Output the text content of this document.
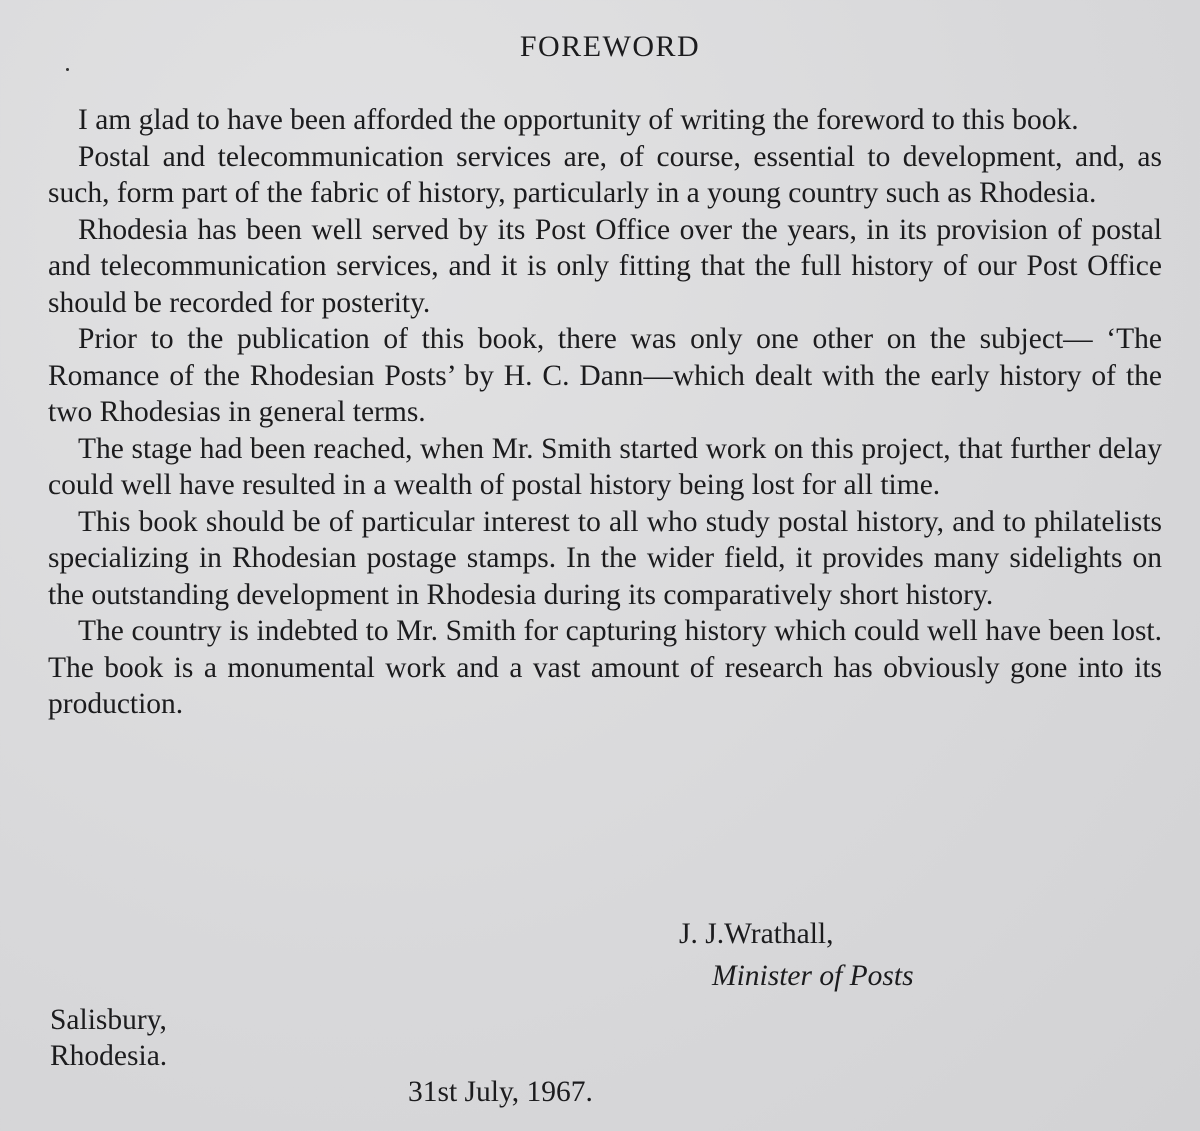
FOREWORD

I am glad to have been afforded the opportunity of writing the foreword to this book.

Postal and telecommunication services are, of course, essential to development, and, as such, form part of the fabric of history, particularly in a young country such as Rhodesia.

Rhodesia has been well served by its Post Office over the years, in its provision of postal and telecommunication services, and it is only fitting that the full history of our Post Office should be recorded for posterity.

Prior to the publication of this book, there was only one other on the subject— ‘The Romance of the Rhodesian Posts’ by H. C. Dann—which dealt with the early history of the two Rhodesias in general terms.

The stage had been reached, when Mr. Smith started work on this project, that further delay could well have resulted in a wealth of postal history being lost for all time.

This book should be of particular interest to all who study postal history, and to philatelists specializing in Rhodesian postage stamps. In the wider field, it provides many sidelights on the outstanding development in Rhodesia during its comparatively short history.

The country is indebted to Mr. Smith for capturing history which could well have been lost. The book is a monumental work and a vast amount of research has obviously gone into its production.

J. J.Wrathall,

Minister of Posts

Salisbury,

Rhodesia.

31st July, 1967.
